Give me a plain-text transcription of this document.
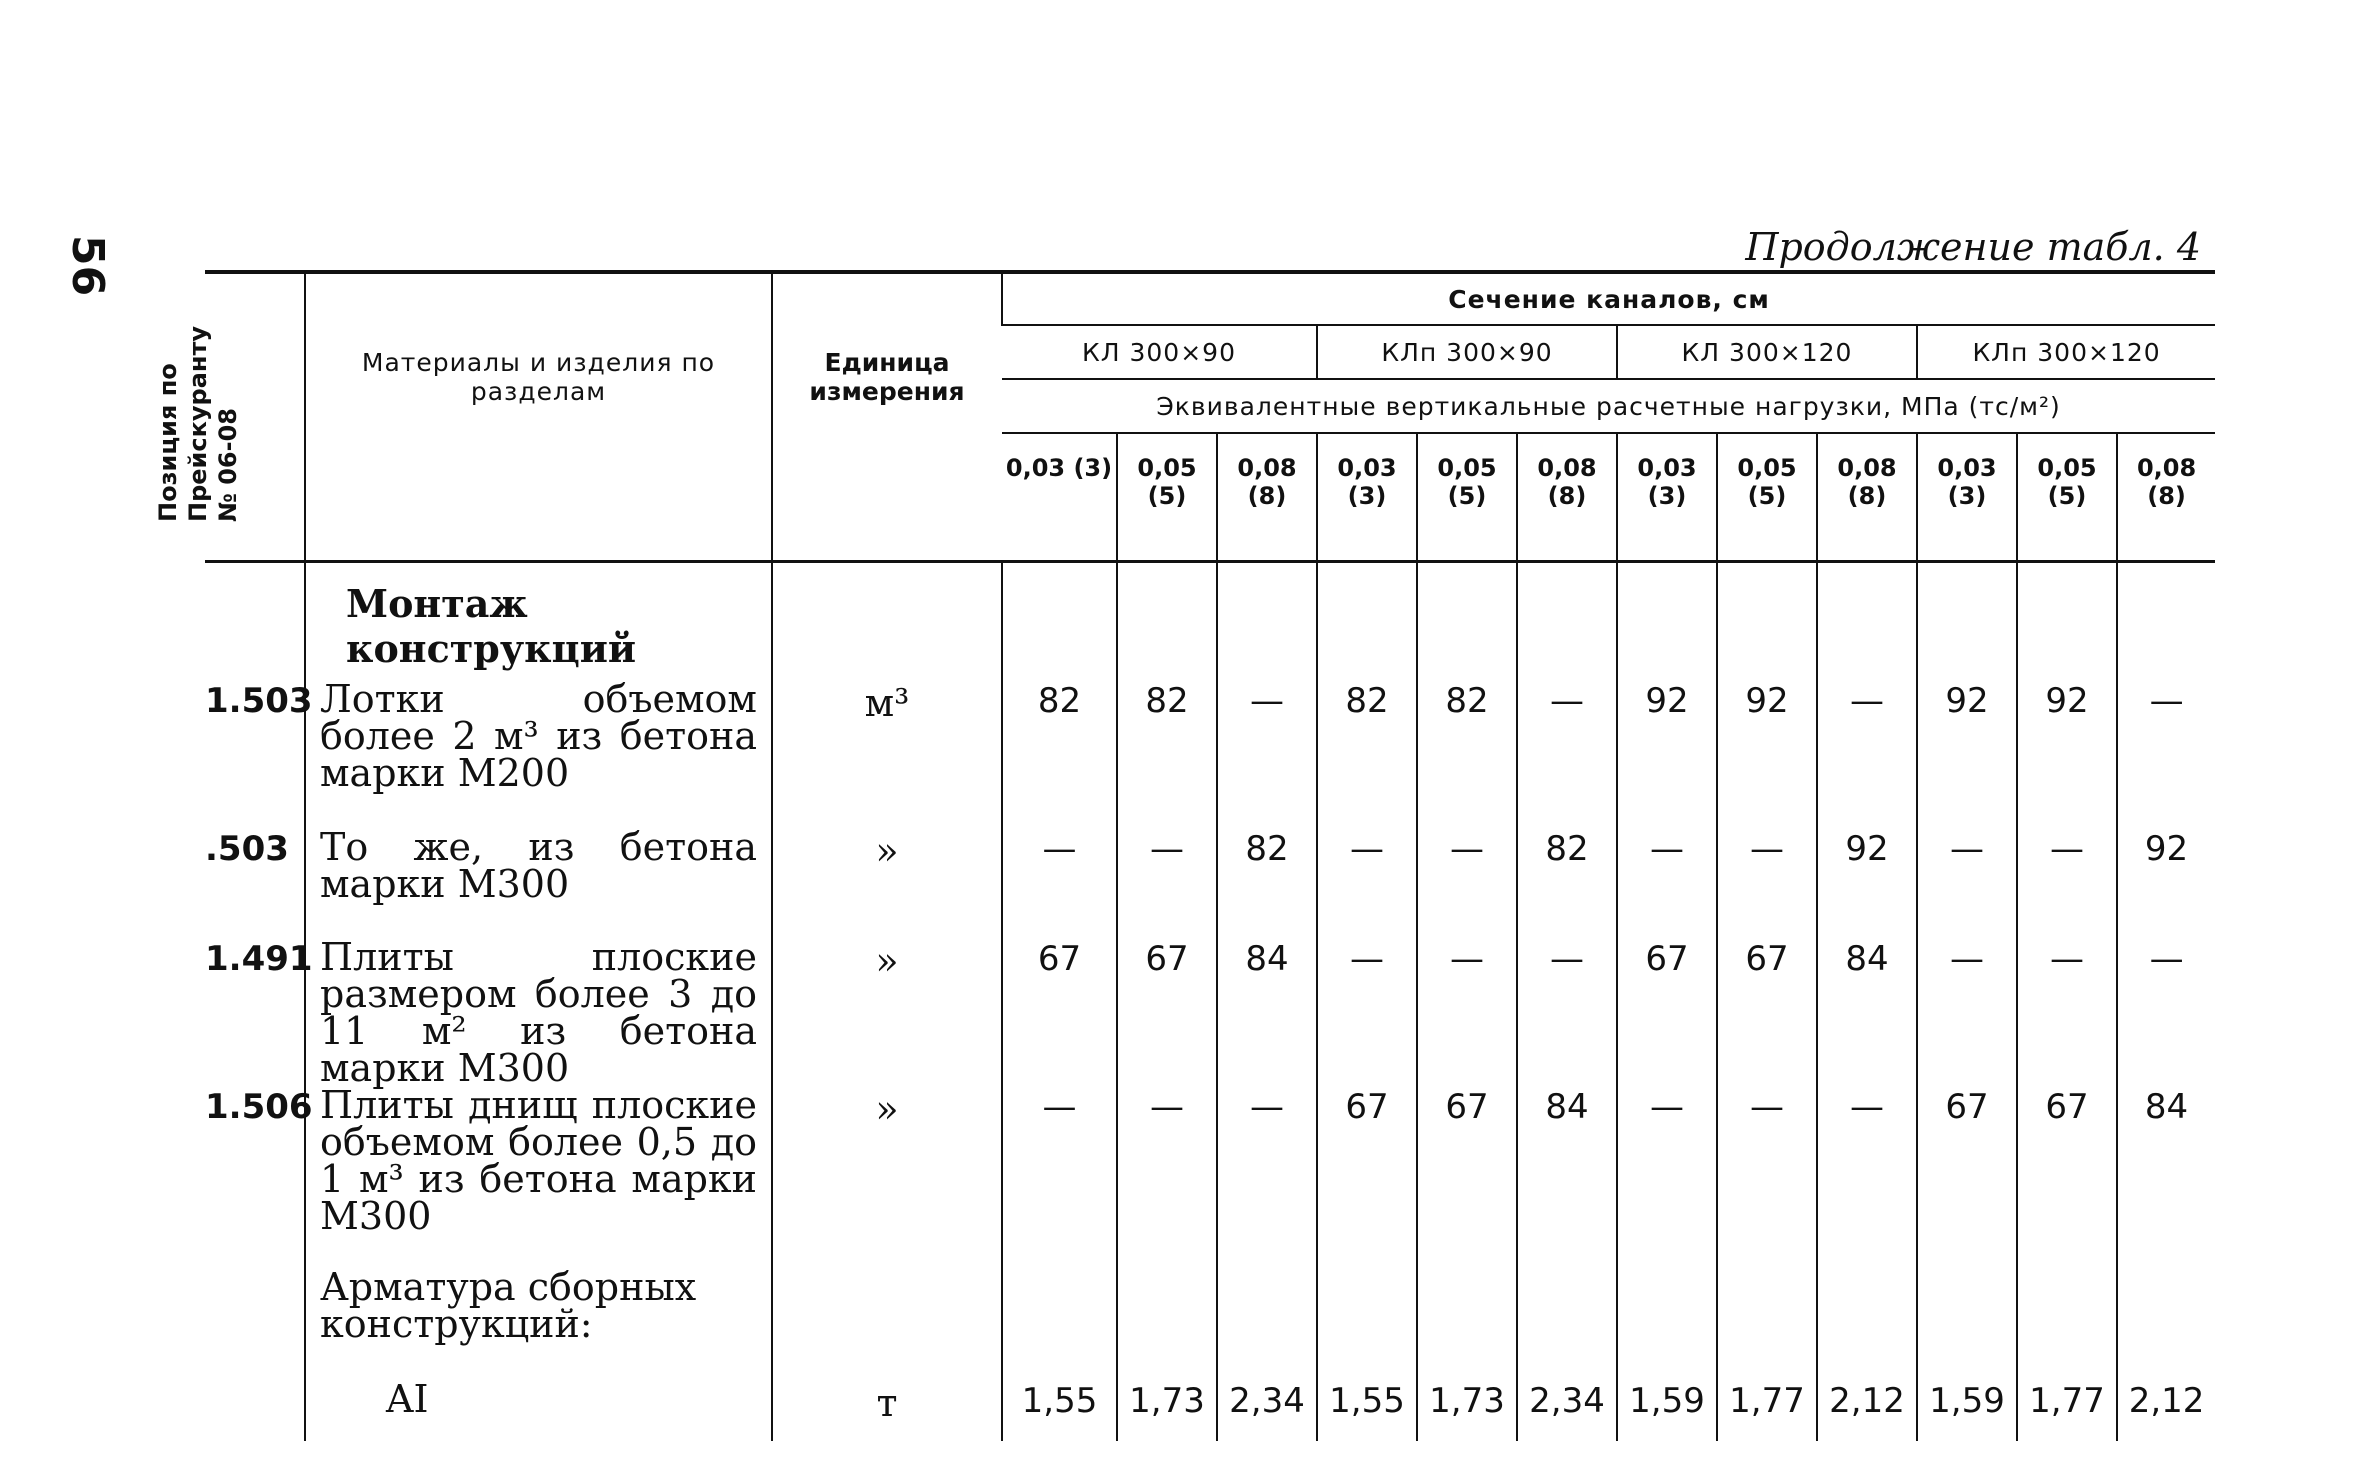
56	Продолжение табл. 4
Позиция по Прейскуранту № 06-08	Материалы и изделия по разделам	Единица измерения	Сечение каналов, см											
			КЛ 300×90			КЛп 300×90			КЛ 300×120			КЛп 300×120		
			Эквивалентные вертикальные расчетные нагрузки, МПа (тс/м²)											
			0,03 (3)	0,05 (5)	0,08 (8)	0,03 (3)	0,05 (5)	0,08 (8)	0,03 (3)	0,05 (5)	0,08 (8)	0,03 (3)	0,05 (5)	0,08 (8)
	Монтаж конструкций													
1.503	Лотки объемом более 2 м³ из бетона марки М200	м³	82	82	—	82	82	—	92	92	—	92	92	—
.503	То же, из бетона марки М300	»	—	—	82	—	—	82	—	—	92	—	—	92
1.491	Плиты плоские размером более 3 до 11 м² из бетона марки М300	»	67	67	84	—	—	—	67	67	84	—	—	—
1.506	Плиты днищ плоские объемом более 0,5 до 1 м³ из бетона марки М300	»	—	—	—	67	67	84	—	—	—	67	67	84
	Арматура сборных конструкций:													
	AI	т	1,55	1,73	2,34	1,55	1,73	2,34	1,59	1,77	2,12	1,59	1,77	2,12
